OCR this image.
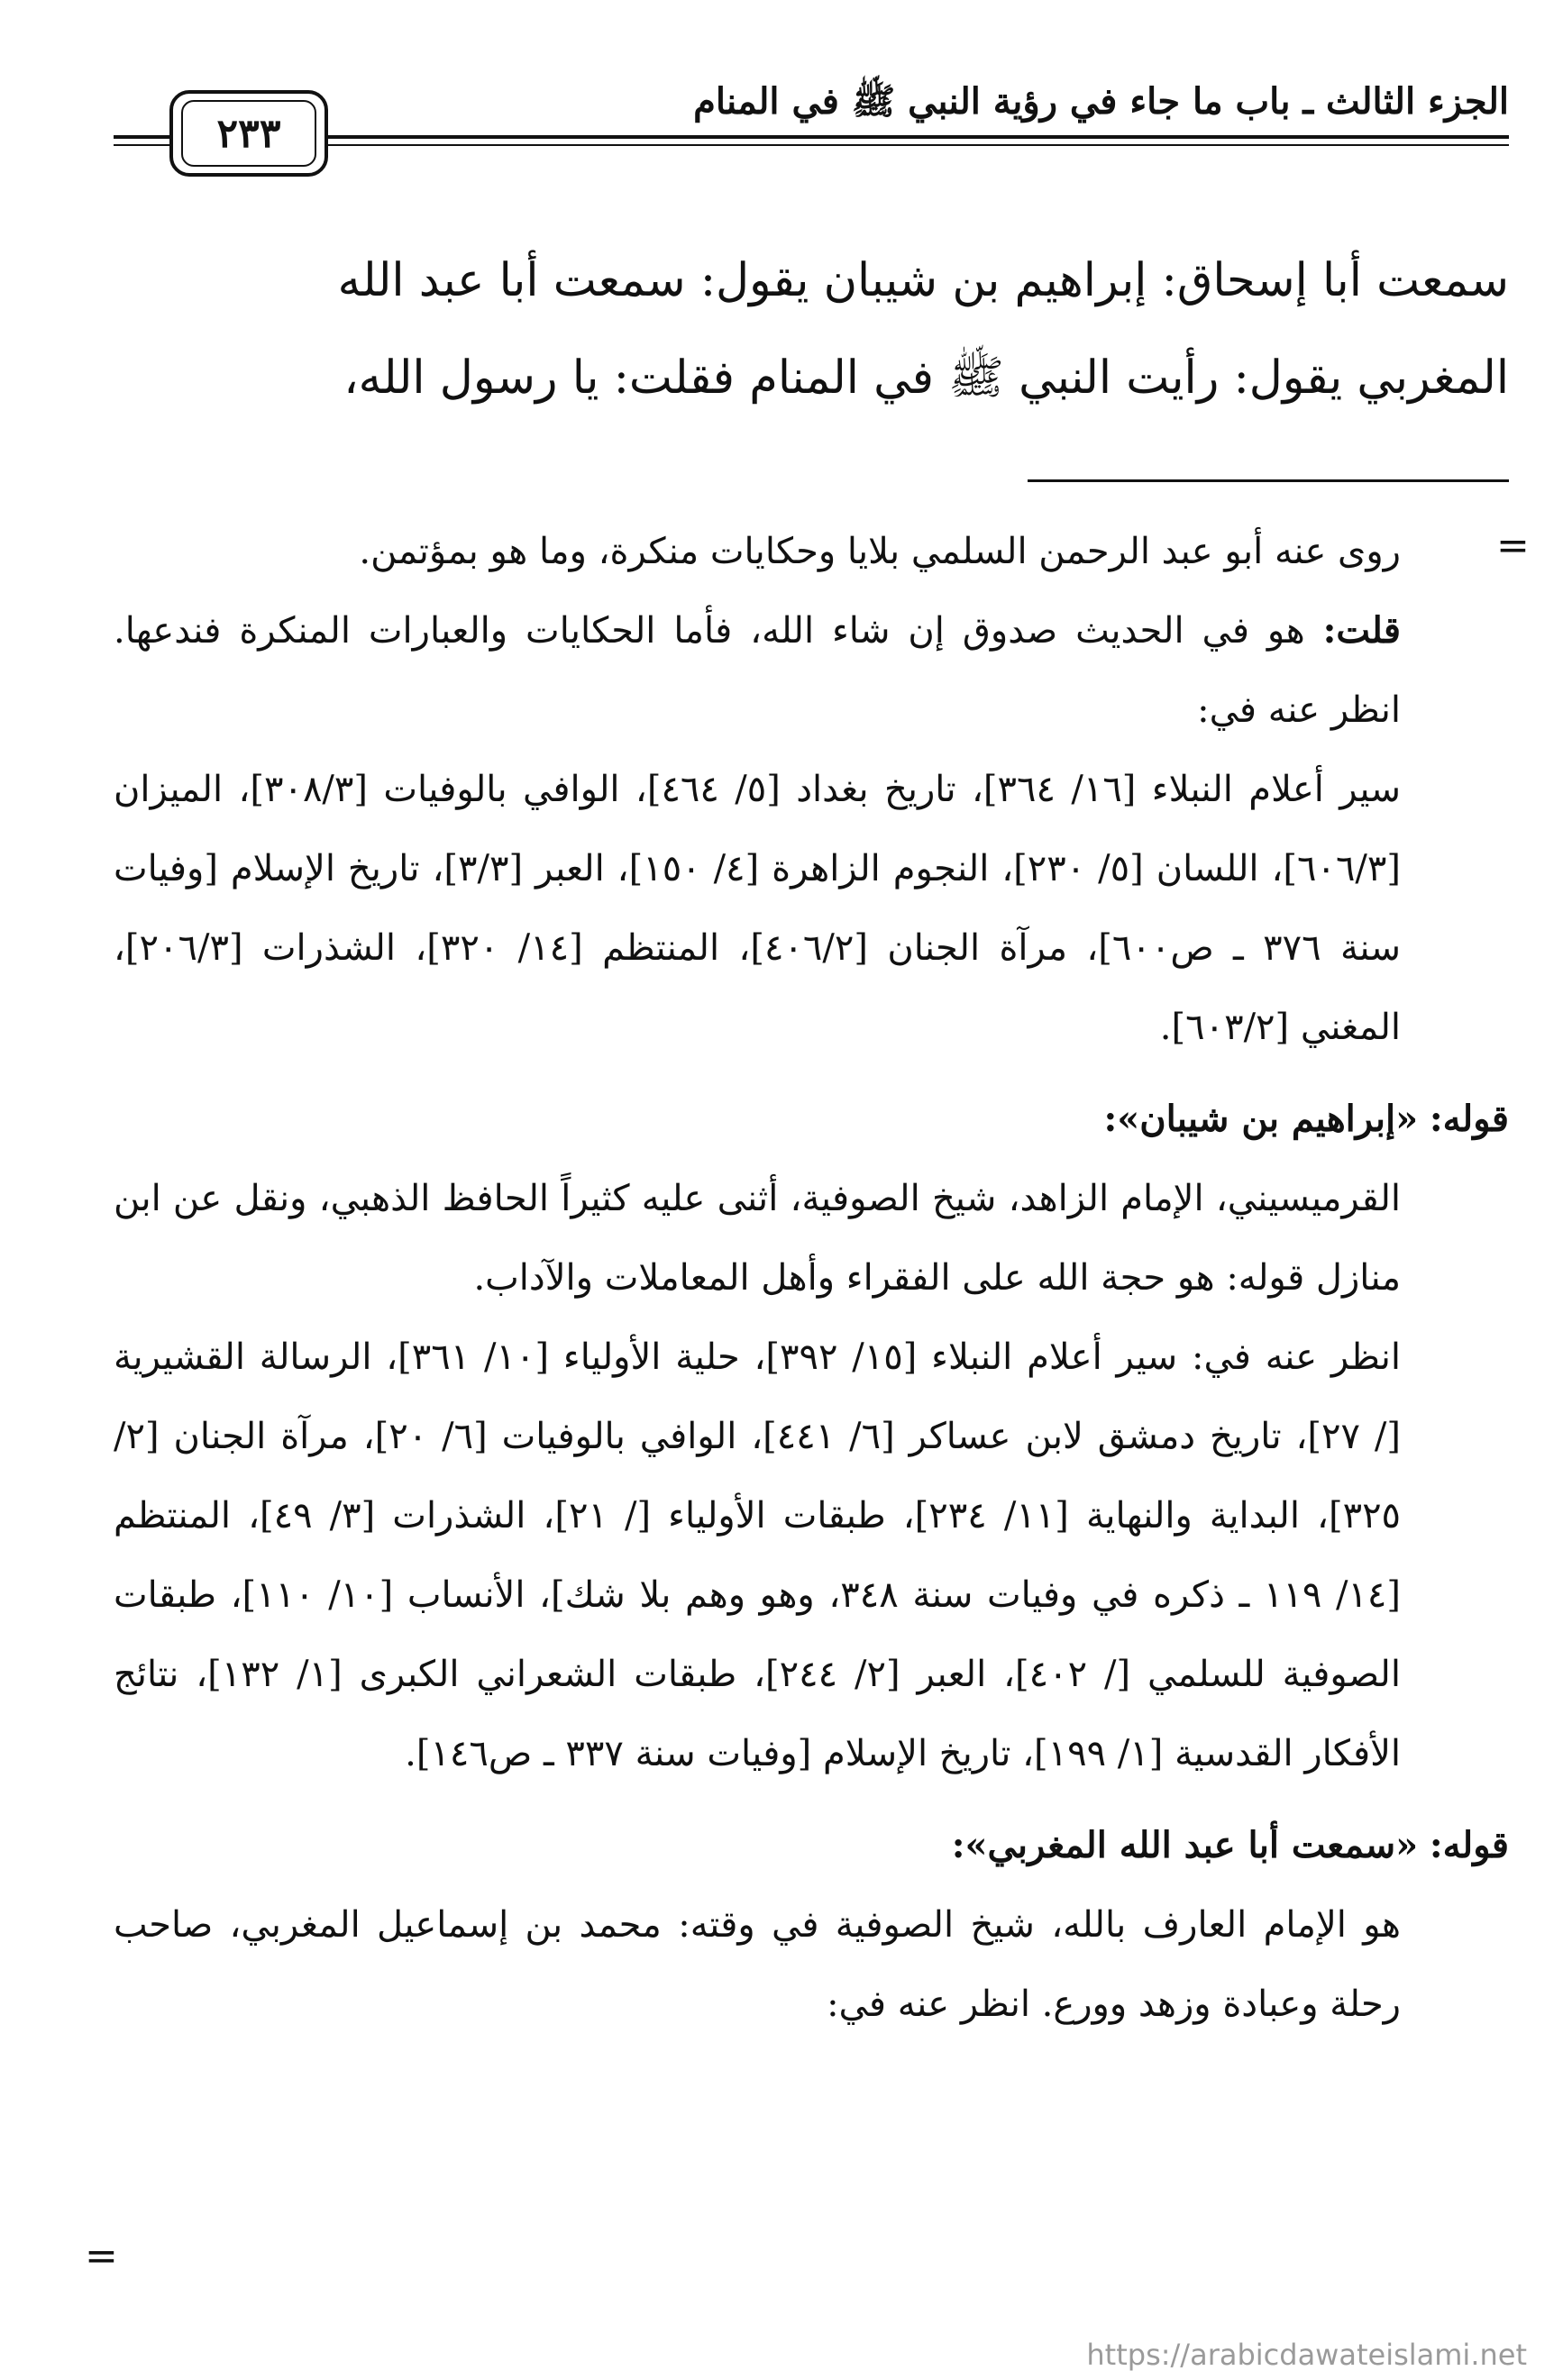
الجزء الثالث ـ باب ما جاء في رؤية النبي ﷺ في المنام
٢٣٣

سمعت أبا إسحاق: إبراهيم بن شيبان يقول: سمعت أبا عبد الله

المغربي يقول: رأيت النبي ﷺ في المنام فقلت: يا رسول الله،

=

روى عنه أبو عبد الرحمن السلمي بلايا وحكايات منكرة، وما هو بمؤتمن.

قلت: هو في الحديث صدوق إن شاء الله، فأما الحكايات والعبارات المنكرة فندعها. انظر عنه في:

سير أعلام النبلاء [١٦/ ٣٦٤]، تاريخ بغداد [٥/ ٤٦٤]، الوافي بالوفيات [٣٠٨/٣]، الميزان [٦٠٦/٣]، اللسان [٥/ ٢٣٠]، النجوم الزاهرة [٤/ ١٥٠]، العبر [٣/٣]، تاريخ الإسلام [وفيات سنة ٣٧٦ ـ ص٦٠٠]، مرآة الجنان [٤٠٦/٢]، المنتظم [١٤/ ٣٢٠]، الشذرات [٢٠٦/٣]، المغني [٦٠٣/٢].

قوله: «إبراهيم بن شيبان»:

القرميسيني، الإمام الزاهد، شيخ الصوفية، أثنى عليه كثيراً الحافظ الذهبي، ونقل عن ابن منازل قوله: هو حجة الله على الفقراء وأهل المعاملات والآداب.

انظر عنه في: سير أعلام النبلاء [١٥/ ٣٩٢]، حلية الأولياء [١٠/ ٣٦١]، الرسالة القشيرية [/ ٢٧]، تاريخ دمشق لابن عساكر [٦/ ٤٤١]، الوافي بالوفيات [٦/ ٢٠]، مرآة الجنان [٢/ ٣٢٥]، البداية والنهاية [١١/ ٢٣٤]، طبقات الأولياء [/ ٢١]، الشذرات [٣/ ٤٩]، المنتظم [١٤/ ١١٩ ـ ذكره في وفيات سنة ٣٤٨، وهو وهم بلا شك]، الأنساب [١٠/ ١١٠]، طبقات الصوفية للسلمي [/ ٤٠٢]، العبر [٢/ ٢٤٤]، طبقات الشعراني الكبرى [١/ ١٣٢]، نتائج الأفكار القدسية [١/ ١٩٩]، تاريخ الإسلام [وفيات سنة ٣٣٧ ـ ص١٤٦].

قوله: «سمعت أبا عبد الله المغربي»:

هو الإمام العارف بالله، شيخ الصوفية في وقته: محمد بن إسماعيل المغربي، صاحب رحلة وعبادة وزهد وورع. انظر عنه في:

=
https://arabicdawateislami.net
